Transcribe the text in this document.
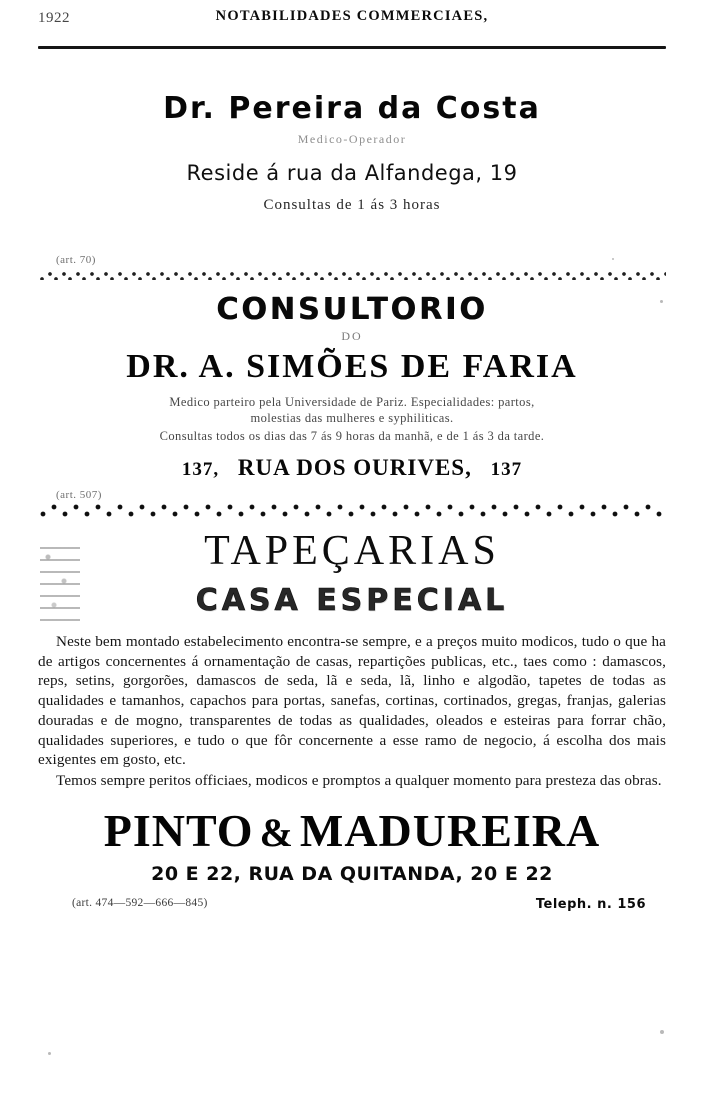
1922	NOTABILIDADES COMMERCIAES,
Dr. Pereira da Costa
Medico-Operador
Reside á rua da Alfandega, 19
Consultas de 1 ás 3 horas
(art. 70)
CONSULTORIO
DO
DR. A. SIMÕES DE FARIA
Medico parteiro pela Universidade de Pariz. Especialidades: partos,
molestias das mulheres e syphiliticas.
Consultas todos os dias das 7 ás 9 horas da manhã, e de 1 ás 3 da tarde.
137, RUA DOS OURIVES, 137
(art. 507)
TAPEÇARIAS
CASA ESPECIAL

Neste bem montado estabelecimento encontra-se sempre, e a preços muito modicos, tudo o que ha de artigos concernentes á ornamentação de casas, repartições publicas, etc., taes como : damascos, reps, setins, gorgorões, damascos de seda, lã e seda, lã, linho e algodão, tapetes de todas as qualidades e tamanhos, capachos para portas, sanefas, cortinas, cortinados, gregas, franjas, galerias douradas e de mogno, transparentes de todas as qualidades, oleados e esteiras para forrar chão, qualidades superiores, e tudo o que fôr concernente a esse ramo de negocio, á escolha dos mais exigentes em gosto, etc.

Temos sempre peritos officiaes, modicos e promptos a qualquer momento para presteza das obras.

PINTO & MADUREIRA
20 E 22, RUA DA QUITANDA, 20 E 22
(art. 474—592—666—845)	Teleph. n. 156
